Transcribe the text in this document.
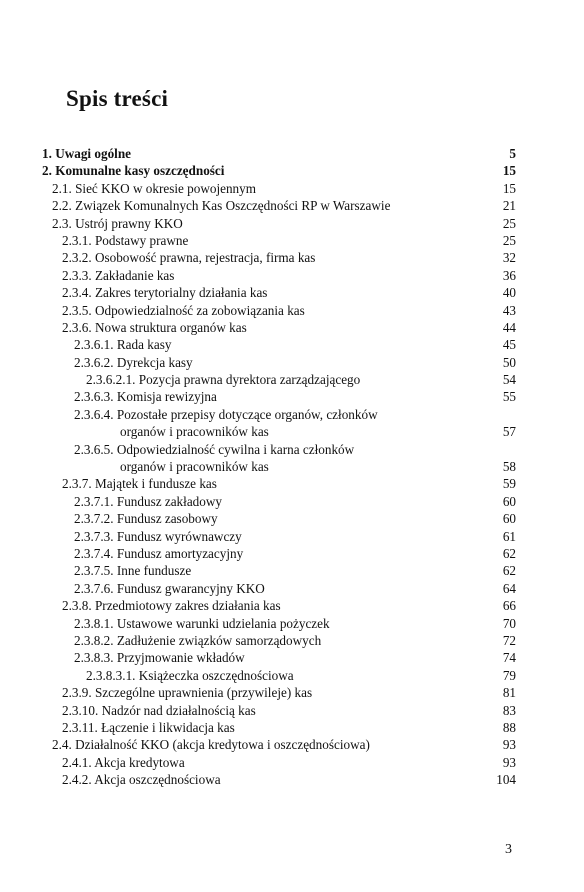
Spis treści
1. Uwagi ogólne	5
2. Komunalne kasy oszczędności	15
2.1. Sieć KKO w okresie powojennym	15
2.2. Związek Komunalnych Kas Oszczędności RP w Warszawie	21
2.3. Ustrój prawny KKO	25
2.3.1. Podstawy prawne	25
2.3.2. Osobowość prawna, rejestracja, firma kas	32
2.3.3. Zakładanie kas	36
2.3.4. Zakres terytorialny działania kas	40
2.3.5. Odpowiedzialność za zobowiązania kas	43
2.3.6. Nowa struktura organów kas	44
2.3.6.1. Rada kasy	45
2.3.6.2. Dyrekcja kasy	50
2.3.6.2.1. Pozycja prawna dyrektora zarządzającego	54
2.3.6.3. Komisja rewizyjna	55
2.3.6.4. Pozostałe przepisy dotyczące organów, członków
organów i pracowników kas	57
2.3.6.5. Odpowiedzialność cywilna i karna członków
organów i pracowników kas	58
2.3.7. Majątek i fundusze kas	59
2.3.7.1. Fundusz zakładowy	60
2.3.7.2. Fundusz zasobowy	60
2.3.7.3. Fundusz wyrównawczy	61
2.3.7.4. Fundusz amortyzacyjny	62
2.3.7.5. Inne fundusze	62
2.3.7.6. Fundusz gwarancyjny KKO	64
2.3.8. Przedmiotowy zakres działania kas	66
2.3.8.1. Ustawowe warunki udzielania pożyczek	70
2.3.8.2. Zadłużenie związków samorządowych	72
2.3.8.3. Przyjmowanie wkładów	74
2.3.8.3.1. Książeczka oszczędnościowa	79
2.3.9. Szczególne uprawnienia (przywileje) kas	81
2.3.10. Nadzór nad działalnością kas	83
2.3.11. Łączenie i likwidacja kas	88
2.4. Działalność KKO (akcja kredytowa i oszczędnościowa)	93
2.4.1. Akcja kredytowa	93
2.4.2. Akcja oszczędnościowa	104
3
